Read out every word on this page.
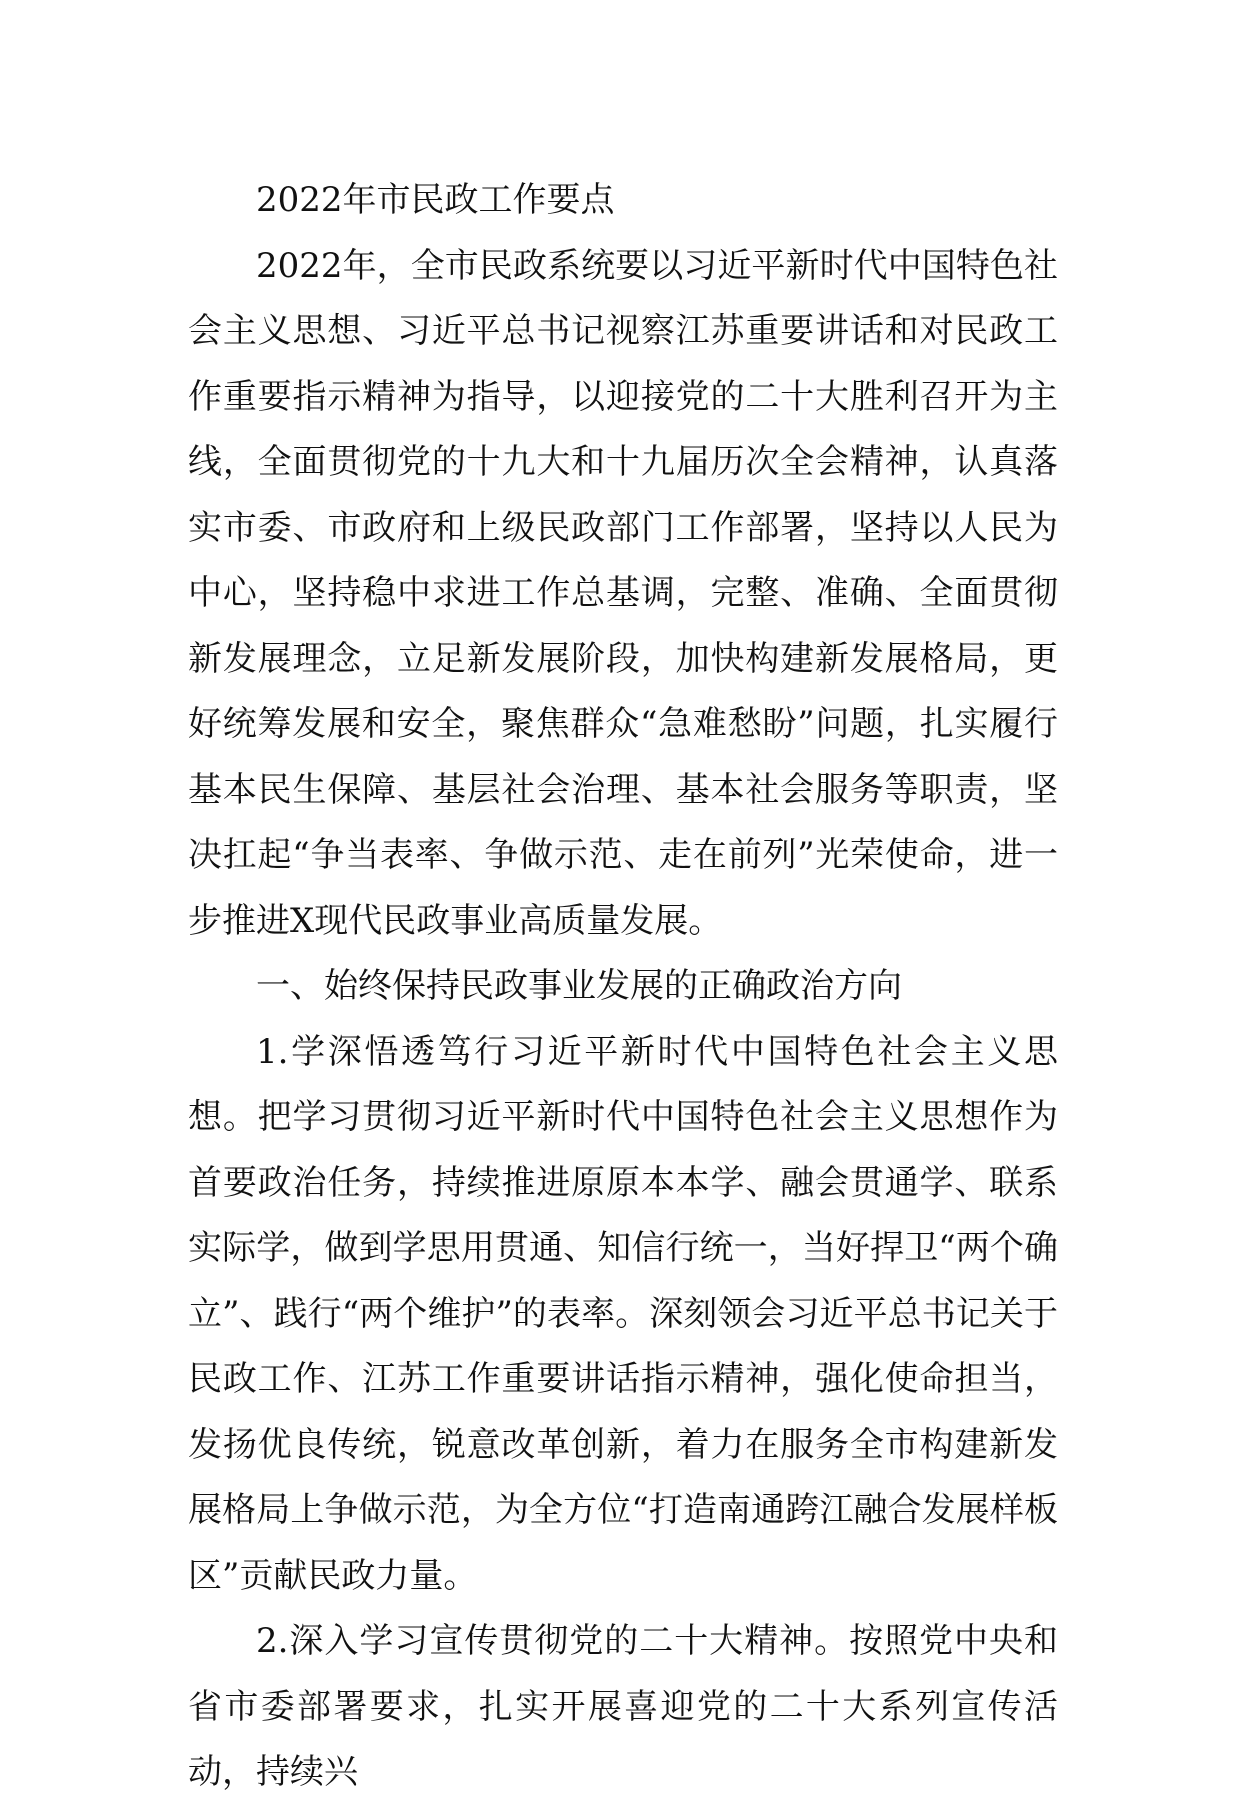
2022年市民政工作要点

2022年，全市民政系统要以习近平新时代中国特色社会主义思想、习近平总书记视察江苏重要讲话和对民政工作重要指示精神为指导，以迎接党的二十大胜利召开为主线，全面贯彻党的十九大和十九届历次全会精神，认真落实市委、市政府和上级民政部门工作部署，坚持以人民为中心，坚持稳中求进工作总基调，完整、准确、全面贯彻新发展理念，立足新发展阶段，加快构建新发展格局，更好统筹发展和安全，聚焦群众“急难愁盼”问题，扎实履行基本民生保障、基层社会治理、基本社会服务等职责，坚决扛起“争当表率、争做示范、走在前列”光荣使命，进一步推进X现代民政事业高质量发展。

一、始终保持民政事业发展的正确政治方向

1.学深悟透笃行习近平新时代中国特色社会主义思想。把学习贯彻习近平新时代中国特色社会主义思想作为首要政治任务，持续推进原原本本学、融会贯通学、联系实际学，做到学思用贯通、知信行统一，当好捍卫“两个确立”、践行“两个维护”的表率。深刻领会习近平总书记关于民政工作、江苏工作重要讲话指示精神，强化使命担当，发扬优良传统，锐意改革创新，着力在服务全市构建新发展格局上争做示范，为全方位“打造南通跨江融合发展样板区”贡献民政力量。

2.深入学习宣传贯彻党的二十大精神。按照党中央和省市委部署要求，扎实开展喜迎党的二十大系列宣传活动，持续兴
